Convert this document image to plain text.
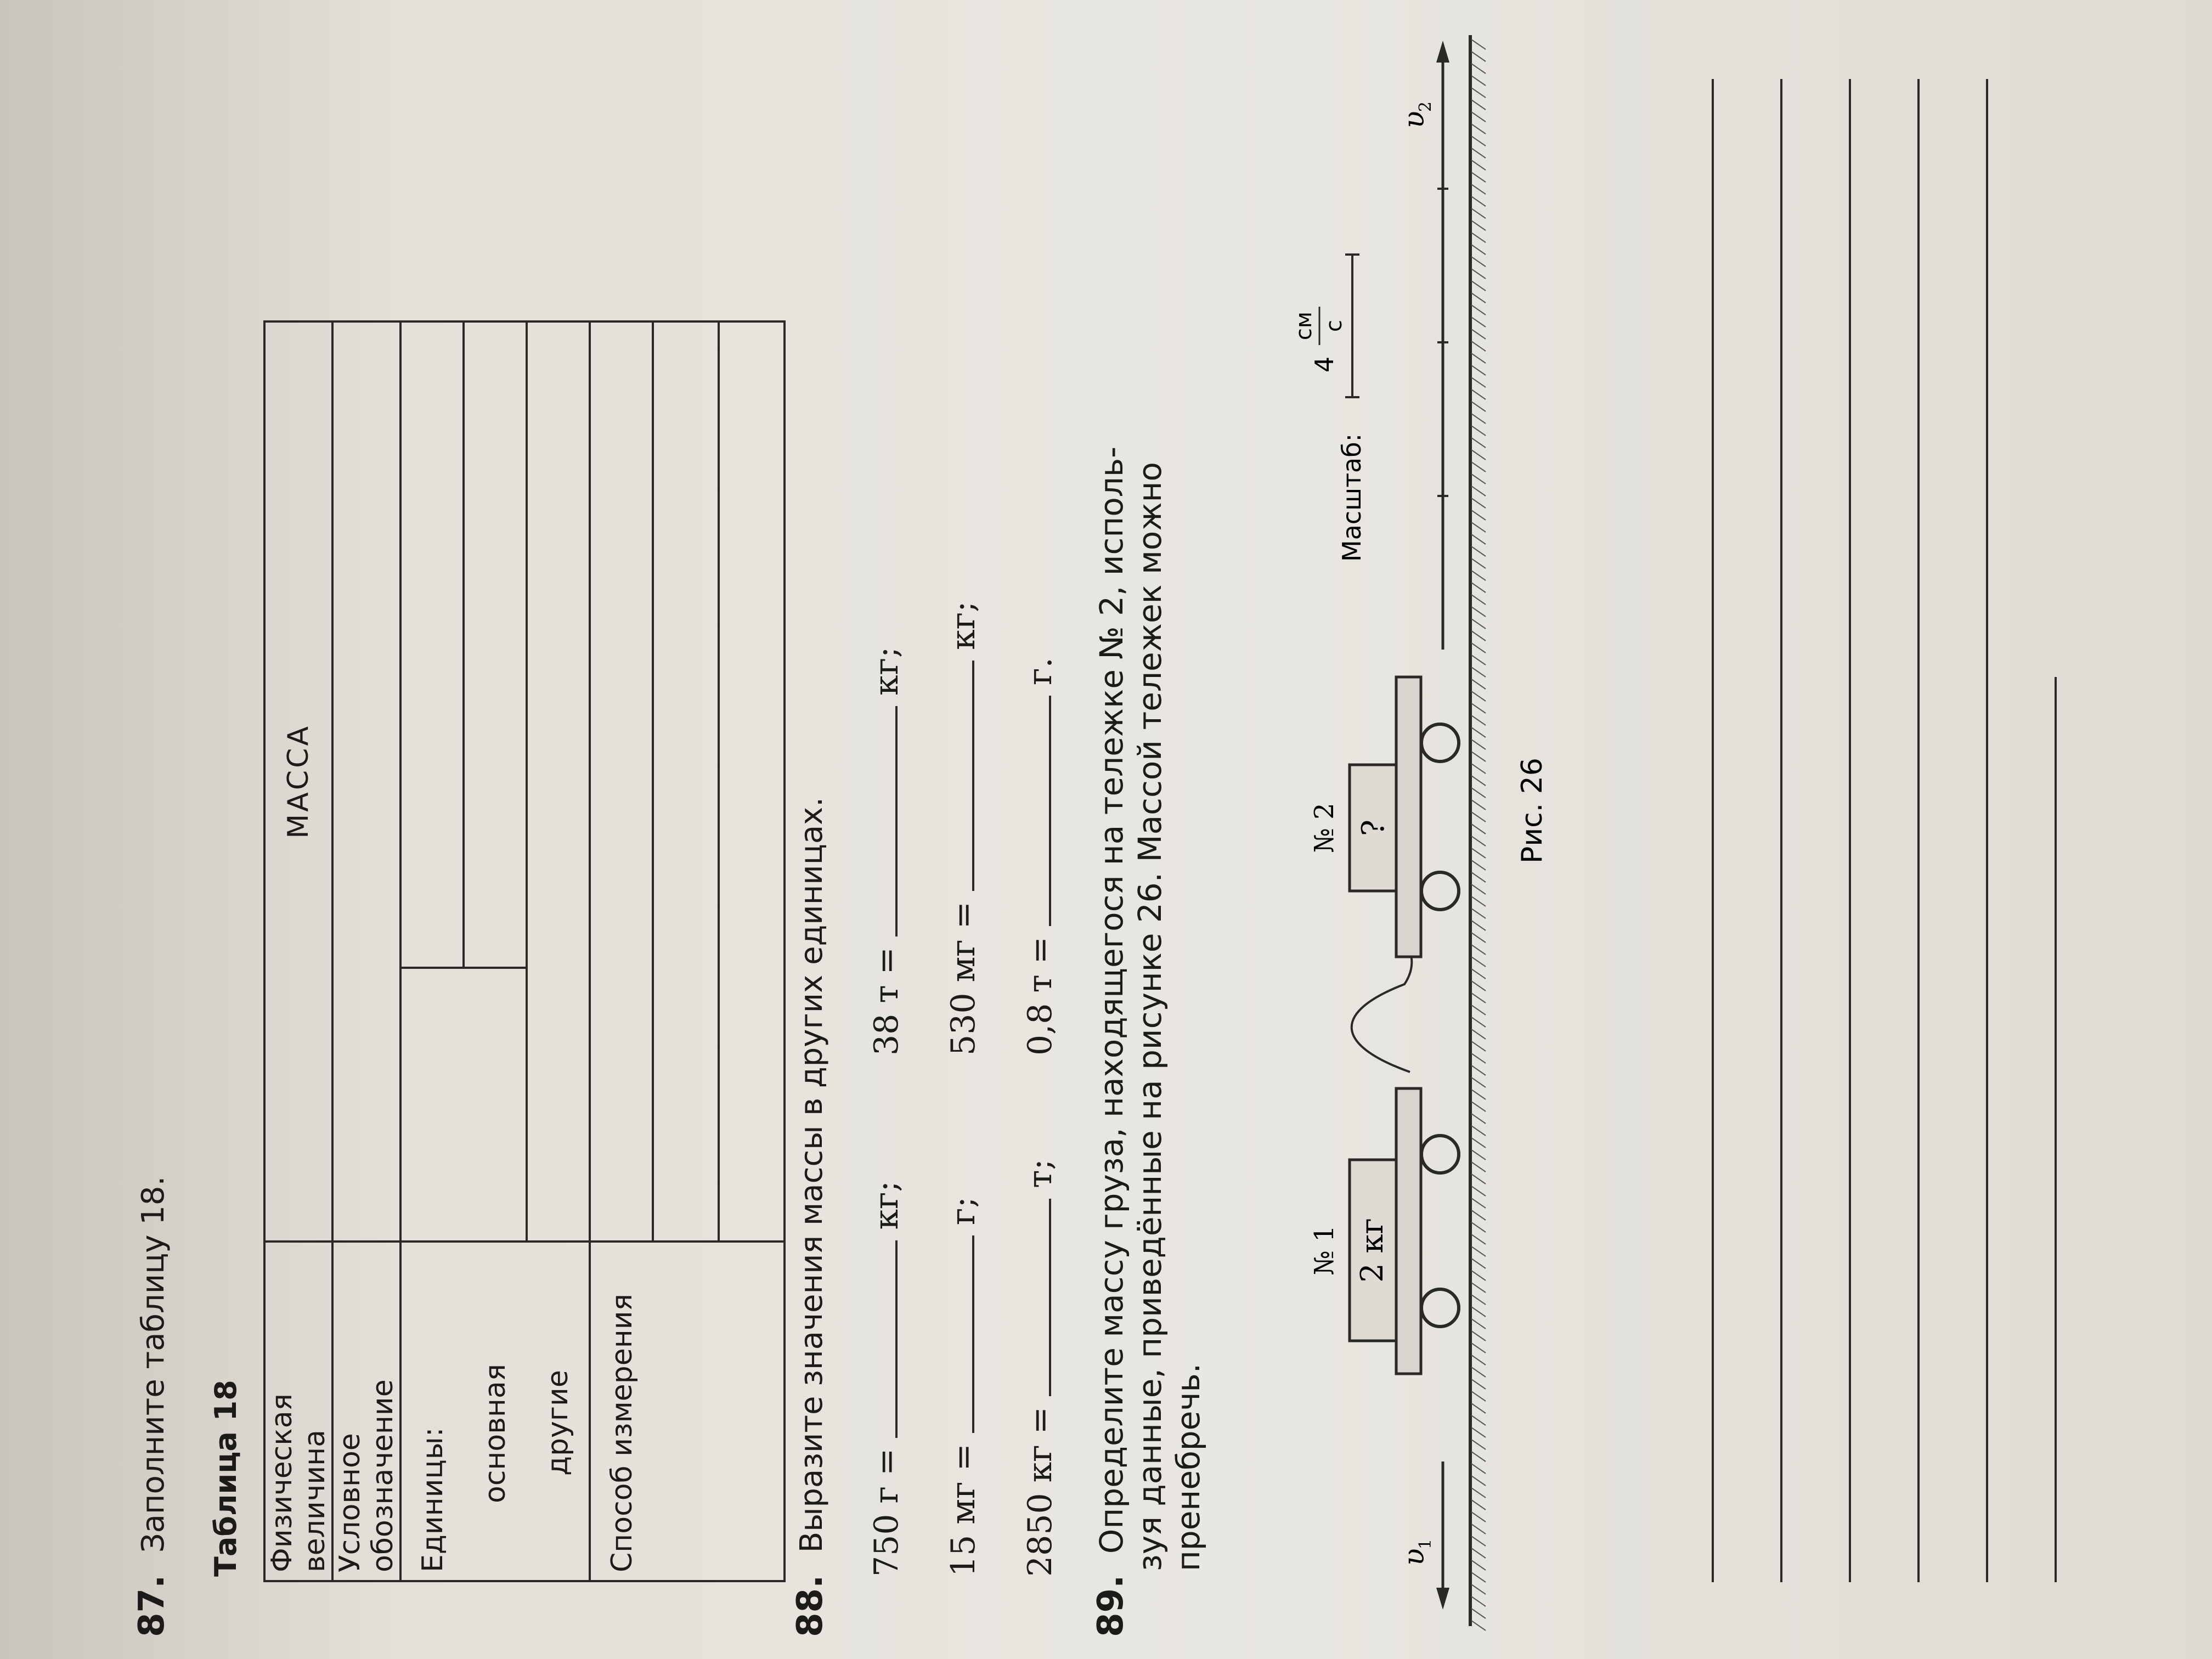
87. Заполните таблицу 18. Таблица 18 Физическая величина	МАССА	
Условное обозначение		
Единицы:		
основная		
другие		
Способ измерения		

88. Выразите значения массы в других единицах. 750 г =  кг;
38 т =  кг;
15 мг =  г;
530 мг =  кг;
2850 кг =  т;
0,8 т =  г.
89. Определите массу груза, находящегося на тележке № 2, исполь- зуя данные, приведённые на рисунке 26. Массой тележек можно пренебречь.
2 кг
№ 1
?
№ 2
υ
1
υ
2
Масштаб:
4
см с
Рис. 26
